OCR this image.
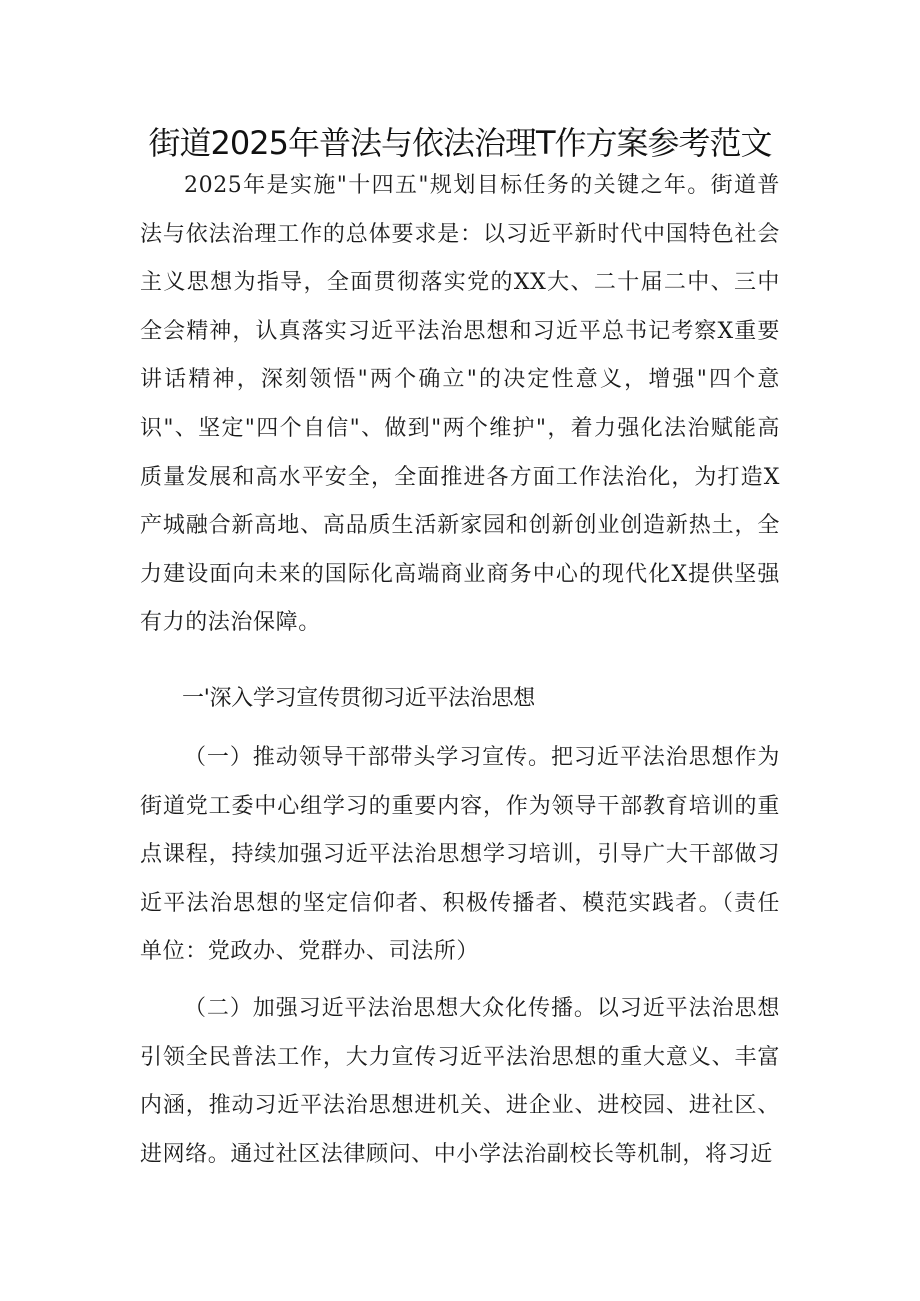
街道2025年普法与依法治理T作方案参考范文

2025年是实施"十四五"规划目标任务的关键之年。街道普法与依法治理工作的总体要求是：以习近平新时代中国特色社会主义思想为指导，全面贯彻落实党的XX大、二十届二中、三中全会精神，认真落实习近平法治思想和习近平总书记考察X重要讲话精神，深刻领悟"两个确立"的决定性意义，增强"四个意识"、坚定"四个自信"、做到"两个维护"，着力强化法治赋能高质量发展和高水平安全，全面推进各方面工作法治化，为打造X产城融合新高地、高品质生活新家园和创新创业创造新热土，全力建设面向未来的国际化高端商业商务中心的现代化X提供坚强有力的法治保障。

一'深入学习宣传贯彻习近平法治思想

（一）推动领导干部带头学习宣传。把习近平法治思想作为街道党工委中心组学习的重要内容，作为领导干部教育培训的重点课程，持续加强习近平法治思想学习培训，引导广大干部做习近平法治思想的坚定信仰者、积极传播者、模范实践者。（责任单位：党政办、党群办、司法所）

（二）加强习近平法治思想大众化传播。以习近平法治思想引领全民普法工作，大力宣传习近平法治思想的重大意义、丰富内涵，推动习近平法治思想进机关、进企业、进校园、进社区、进网络。通过社区法律顾问、中小学法治副校长等机制，将习近
